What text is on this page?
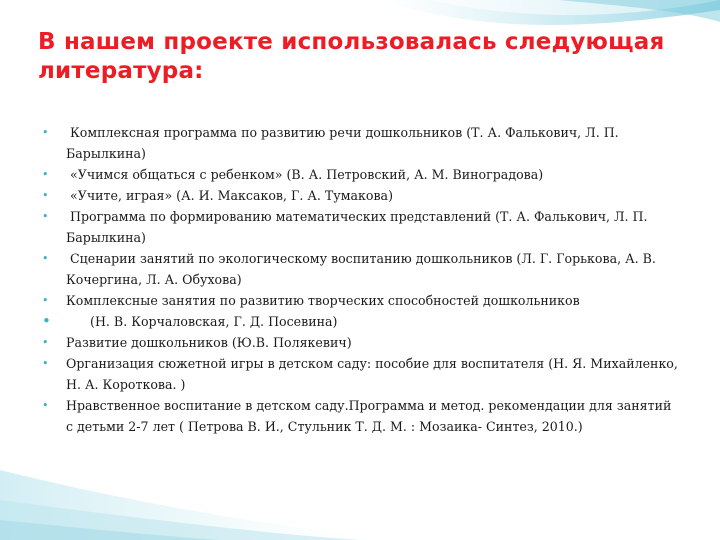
В нашем проекте использовалась следующая литература:
• Комплексная программа по развитию речи дошкольников (Т. А. Фалькович, Л. П. Барылкина)
• «Учимся общаться с ребенком» (В. А. Петровский, А. М. Виноградова)
• «Учите, играя» (А. И. Максаков, Г. А. Тумакова)
• Программа по формированию математических представлений (Т. А. Фалькович, Л. П. Барылкина)
• Сценарии занятий по экологическому воспитанию дошкольников (Л. Г. Горькова, А. В. Кочергина, Л. А. Обухова)
• Комплексные занятия по развитию творческих способностей дошкольников
• (Н. В. Корчаловская, Г. Д. Посевина)
• Развитие дошкольников (Ю.В. Полякевич)
• Организация сюжетной игры в детском саду: пособие для воспитателя (Н. Я. Михайленко, Н. А. Короткова. )
• Нравственное воспитание в детском саду.Программа и метод. рекомендации для занятий с детьми 2-7 лет ( Петрова В. И., Стульник Т. Д. М. : Мозаика- Синтез, 2010.)
